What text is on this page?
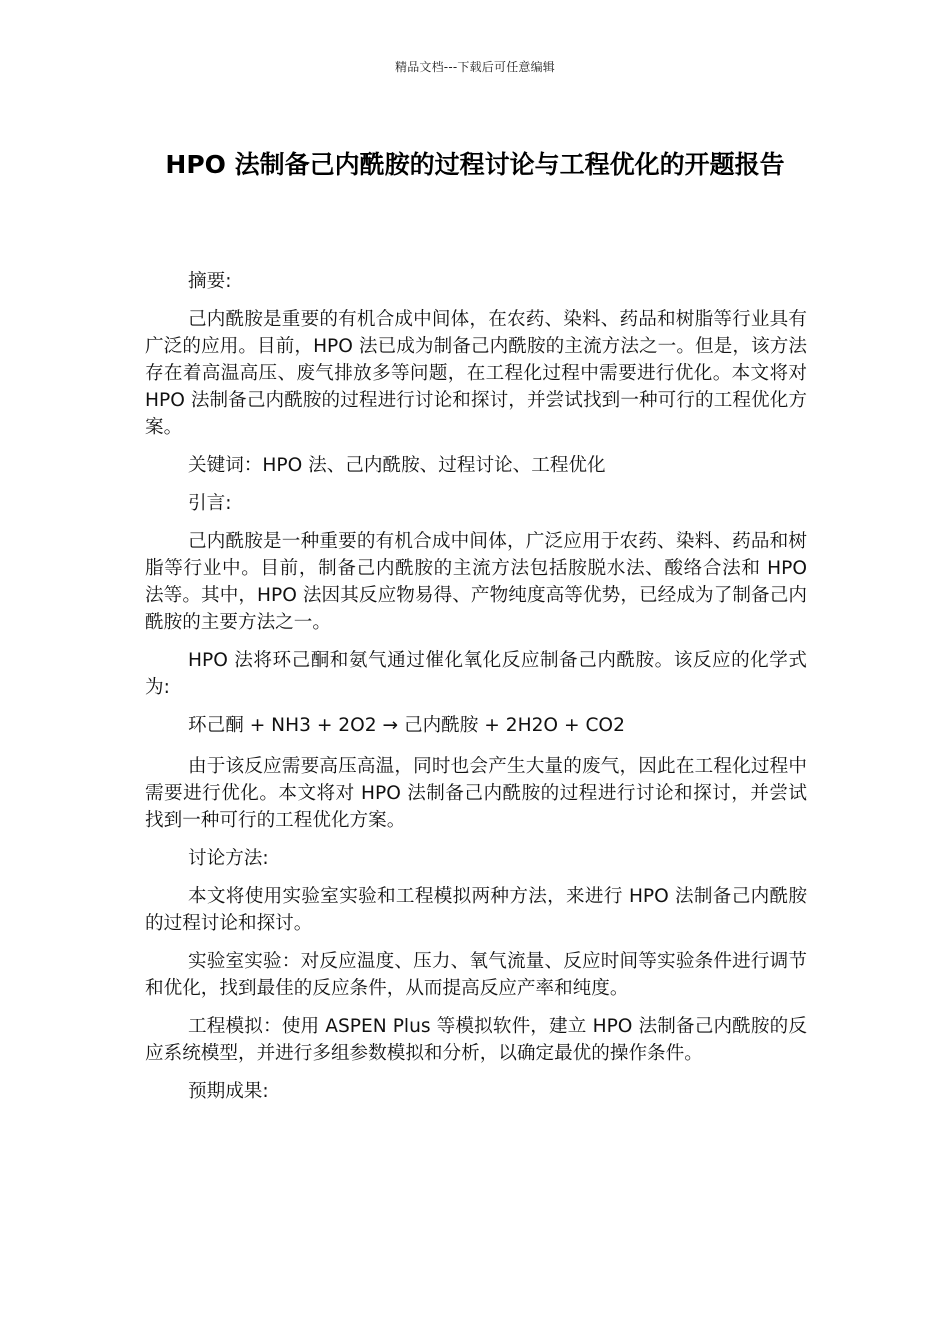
精品文档---下载后可任意编辑
HPO 法制备己内酰胺的过程讨论与工程优化的开题报告

摘要:

己内酰胺是重要的有机合成中间体，在农药、染料、药品和树脂等行业具有广泛的应用。目前，HPO 法已成为制备己内酰胺的主流方法之一。但是，该方法存在着高温高压、废气排放多等问题，在工程化过程中需要进行优化。本文将对 HPO 法制备己内酰胺的过程进行讨论和探讨，并尝试找到一种可行的工程优化方案。

关键词：HPO 法、己内酰胺、过程讨论、工程优化

引言:

己内酰胺是一种重要的有机合成中间体，广泛应用于农药、染料、药品和树脂等行业中。目前，制备己内酰胺的主流方法包括胺脱水法、酸络合法和 HPO 法等。其中，HPO 法因其反应物易得、产物纯度高等优势，已经成为了制备己内酰胺的主要方法之一。

HPO 法将环己酮和氨气通过催化氧化反应制备己内酰胺。该反应的化学式为:

环己酮 + NH3 + 2O2 → 己内酰胺 + 2H2O + CO2

由于该反应需要高压高温，同时也会产生大量的废气，因此在工程化过程中需要进行优化。本文将对 HPO 法制备己内酰胺的过程进行讨论和探讨，并尝试找到一种可行的工程优化方案。

讨论方法:

本文将使用实验室实验和工程模拟两种方法，来进行 HPO 法制备己内酰胺的过程讨论和探讨。

实验室实验：对反应温度、压力、氧气流量、反应时间等实验条件进行调节和优化，找到最佳的反应条件，从而提高反应产率和纯度。

工程模拟：使用 ASPEN Plus 等模拟软件，建立 HPO 法制备己内酰胺的反应系统模型，并进行多组参数模拟和分析，以确定最优的操作条件。

预期成果:
